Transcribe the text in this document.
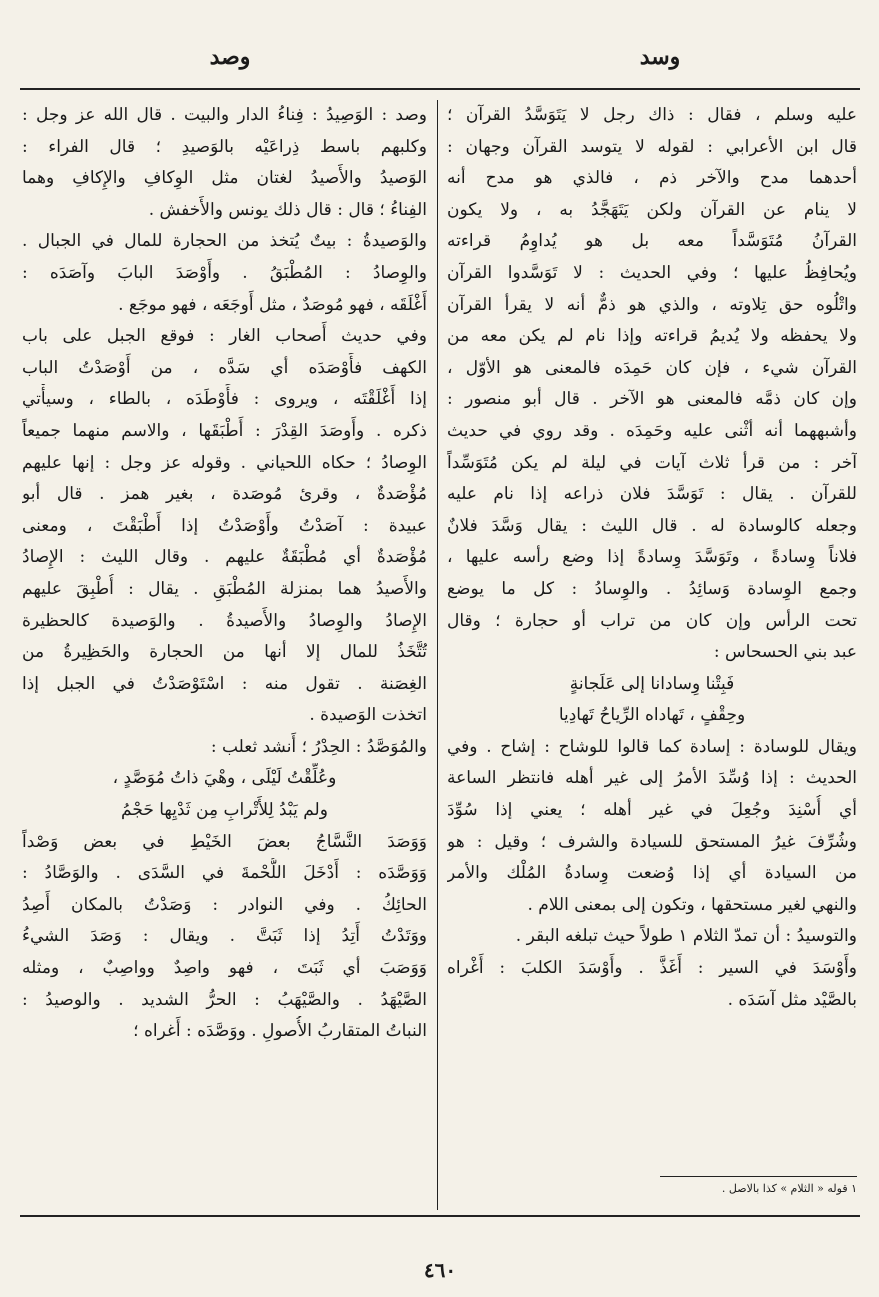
وسد
وصد
عليه وسلم ، فقال : ذاك رجل لا يَتَوَسَّدُ القرآن ؛
قال ابن الأعرابي : لقوله لا يتوسد القرآن وجهان :
أحدهما مدح والآخر ذم ، فالذي هو مدح أنه
لا ينام عن القرآن ولكن يَتَهَجَّدُ به ، ولا يكون
القرآنُ مُتَوَسَّداً معه بل هو يُداوِمُ قراءته
ويُحافِظُ عليها ؛ وفي الحديث : لا تَوَسَّدوا القرآن
واتْلُوه حق تِلاوته ، والذي هو ذمٌّ أنه لا يقرأ القرآن
ولا يحفظه ولا يُديمُ قراءته وإذا نام لم يكن معه من
القرآن شيء ، فإن كان حَمِدَه فالمعنى هو الأوّل ،
وإن كان ذمَّه فالمعنى هو الآخر . قال أبو منصور :
وأشبههما أنه أثْنى عليه وحَمِدَه . وقد روي في حديث
آخر : من قرأ ثلاث آيات في ليلة لم يكن مُتَوَسِّداً
للقرآن . يقال : تَوَسَّدَ فلان ذراعه إذا نام عليه
وجعله كالوسادة له . قال الليث : يقال وَسَّدَ فلانٌ
فلاناً وِسادةً ، وتَوَسَّدَ وِسادةً إذا وضع رأسه عليها ،
وجمع الوِسادة وَسائِدُ . والوِسادُ : كل ما يوضع
تحت الرأس وإن كان من تراب أو حجارة ؛ وقال
عبد بني الحسحاس :
فَبِتْنا وِسادانا إلى عَلَجانةٍ
وحِقْفٍ ، تَهاداه الرِّياحُ تَهادِيا
ويقال للوسادة : إسادة كما قالوا للوشاح : إشاح . وفي
الحديث : إذا وُسِّدَ الأمرُ إلى غير أهله فانتظر الساعة
أي أُسْنِدَ وجُعِلَ في غير أهله ؛ يعني إذا سُوِّدَ
وشُرِّفَ غيرُ المستحق للسيادة والشرف ؛ وقيل : هو
من السيادة أي إذا وُضعت وِسادةُ المُلْك والأمر
والنهي لغير مستحقها ، وتكون إلى بمعنى اللام .
والتوسيدُ : أن تمدّ الثلام ١ طولاً حيث تبلغه البقر .
وأَوْسَدَ في السير : أَغَذَّ . وأَوْسَدَ الكلبَ : أَغْراه
بالصَّيْد مثل آسَدَه .
وصد : الوَصِيدُ : فِناءُ الدار والبيت . قال الله عز وجل :
وكلبهم باسط ذِراعَيْه بالوَصيدِ ؛ قال الفراء :
الوَصيدُ والأَصيدُ لغتان مثل الوِكافِ والإِكافِ وهما
الفِناءُ ؛ قال : قال ذلك يونس والأَخفش .
والوَصيدةُ : بيتٌ يُتخذ من الحجارة للمال في الجبال .
والوِصادُ : المُطْبَقُ . وأَوْصَدَ البابَ وآصَدَه :
أَغْلَقَه ، فهو مُوصَدٌ ، مثل أَوجَعَه ، فهو موجَع .
وفي حديث أَصحاب الغار : فوقع الجبل على باب
الكهف فأَوْصَدَه أي سَدَّه ، من أَوْصَدْتُ الباب
إذا أَغْلَقْتَه ، ويروى : فأَوْطَدَه ، بالطاء ، وسيأْتي
ذكره . وأَوصَدَ القِدْرَ : أَطْبَقَها ، والاسم منهما جميعاً
الوِصادُ ؛ حكاه اللحياني . وقوله عز وجل : إنها عليهم
مُؤْصَدةٌ ، وقرئ مُوصَدة ، بغير همز . قال أبو
عبيدة : آصَدْتُ وأَوْصَدْتُ إذا أَطْبَقْتَ ، ومعنى
مُؤْصَدةٌ أي مُطْبَقَةٌ عليهم . وقال الليث : الإِصادُ
والأَصيدُ هما بمنزلة المُطْبَقِ . يقال : أُطْبِقَ عليهم
الإِصادُ والوِصادُ والأَصيدةُ . والوَصيدة كالحظيرة
تُتَّخَذُ للمال إلا أنها من الحجارة والحَظِيرةُ من
الغِصَنة . تقول منه : اسْتَوْصَدْتُ في الجبل إذا
اتخذت الوَصيدة .
والمُوَصَّدُ : الحِدْرُ ؛ أَنشد ثعلب :
وعُلِّقْتُ لَيْلَى ، وهْيَ ذاتُ مُوَصَّدٍ ،
ولم يَبْدُ لِلأَتْرابِ مِن ثَدْيِها حَجْمُ
وَوَصَدَ النَّسَّاجُ بعضَ الخَيْطِ في بعض وَصْداً
وَوَصَّدَه : أَدْخَلَ اللُّحْمةَ في السَّدَى . والوَصَّادُ :
الحائِكُ . وفي النوادر : وَصَدْتُ بالمكان أَصِدُ
ووَتَدْتُ أَتِدُ إذا ثَبَتَّ . ويقال : وَصَدَ الشيءُ
وَوَصَبَ أي ثَبَتَ ، فهو واصِدٌ وواصِبٌ ، ومثله
الصَّيْهَدُ . والصَّيْهَبُ : الحرُّ الشديد . والوصيدُ :
النباتُ المتقاربُ الأُصولِ . ووَصَّدَه : أَغراه ؛
١ قوله « الثلام » كذا بالاصل .
٤٦٠
